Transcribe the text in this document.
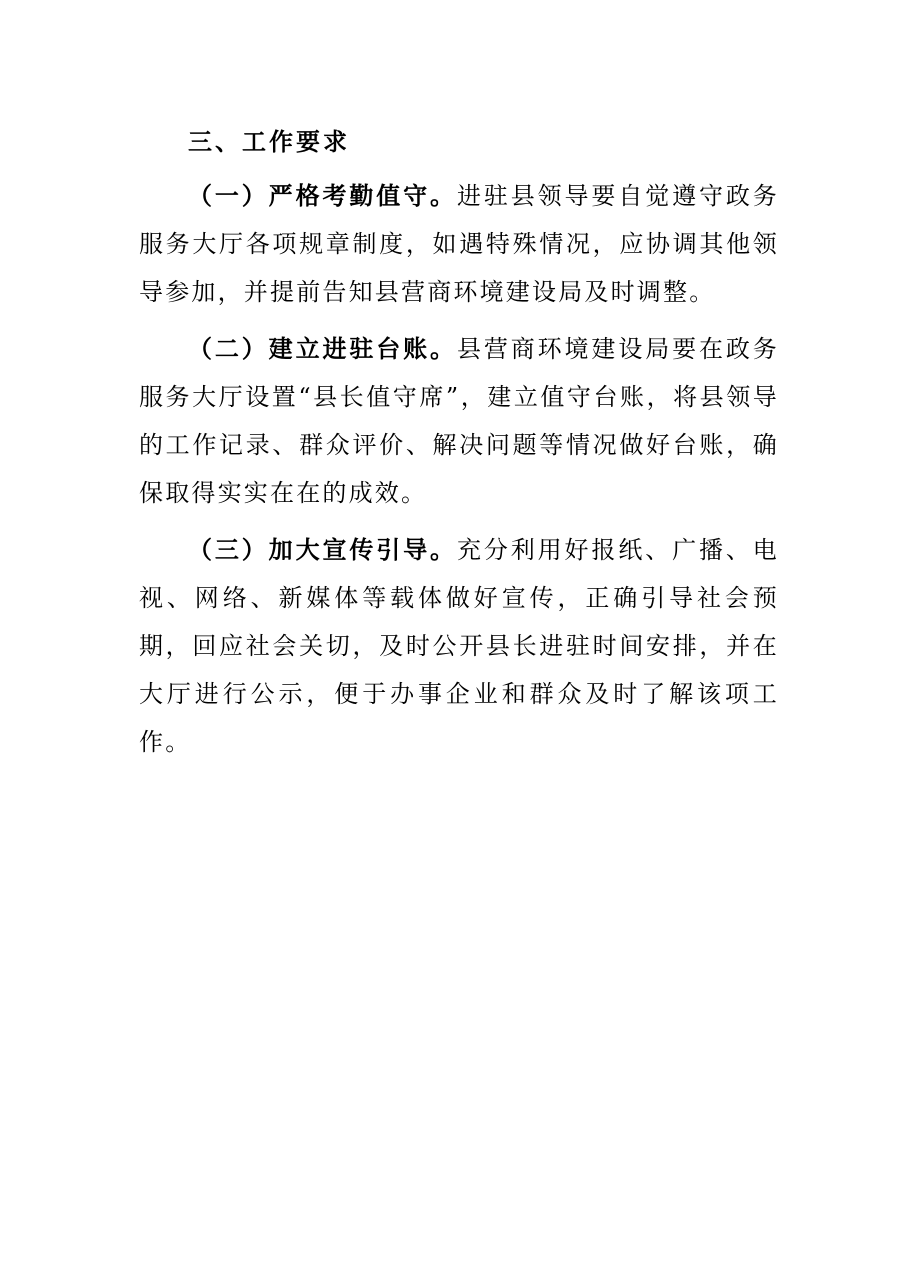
三、工作要求

（一）严格考勤值守。进驻县领导要自觉遵守政务服务大厅各项规章制度，如遇特殊情况，应协调其他领导参加，并提前告知县营商环境建设局及时调整。

（二）建立进驻台账。县营商环境建设局要在政务服务大厅设置“县长值守席”，建立值守台账，将县领导的工作记录、群众评价、解决问题等情况做好台账，确保取得实实在在的成效。

（三）加大宣传引导。充分利用好报纸、广播、电视、网络、新媒体等载体做好宣传，正确引导社会预期，回应社会关切，及时公开县长进驻时间安排，并在大厅进行公示，便于办事企业和群众及时了解该项工作。
